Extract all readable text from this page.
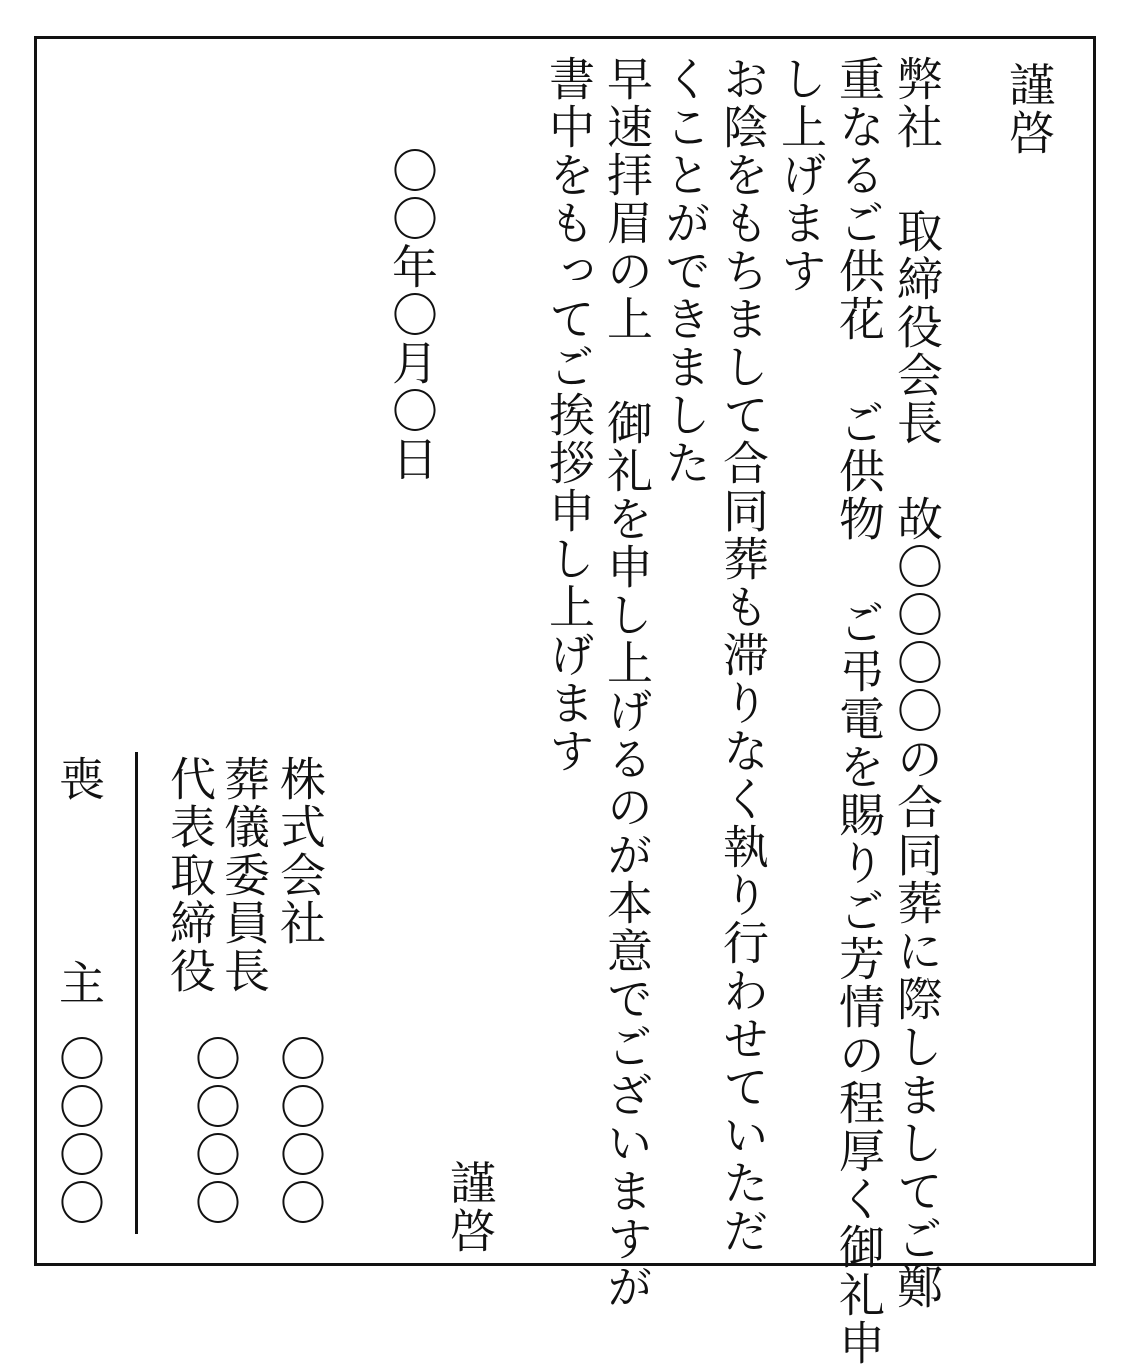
謹啓
弊社 取締役会長　故〇〇〇〇の合同葬に際しましてご鄭
重なるご供花 ご供物 ご弔電を賜りご芳情の程厚く御礼申
し上げます
お陰をもちまして合同葬も滞りなく執り行わせていただ
くことができました
早速拝眉の上 御礼を申し上げるのが本意でございますが
書中をもってご挨拶申し上げます
謹啓
〇〇年〇月〇日
株式会社
〇〇〇〇
葬儀委員長
代表取締役
〇〇〇〇
喪　主
〇〇〇〇
